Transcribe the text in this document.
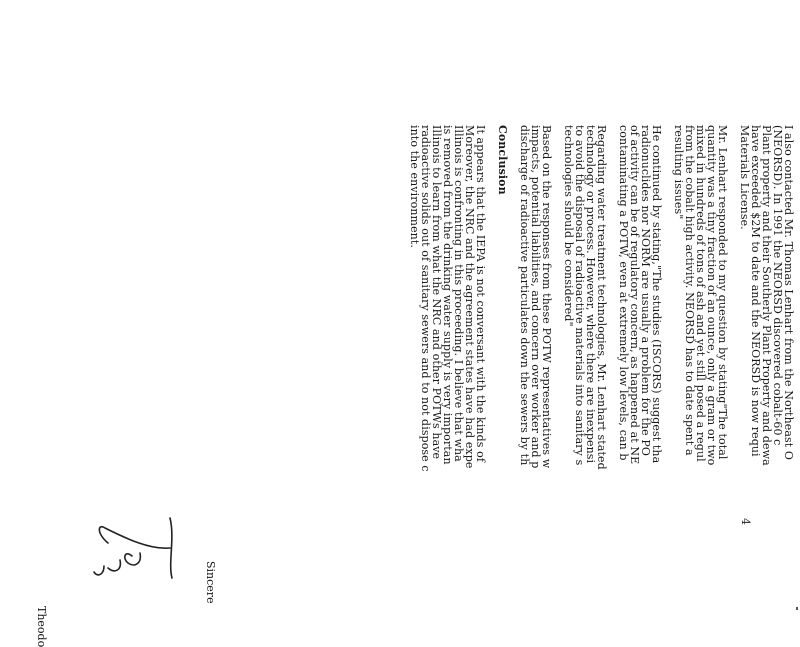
I also contacted Mr. Thomas Lenhart from the Northeast O
(NEORSD). In 1991 the NEORSD discovered cobalt-60 c
Plant property and their Southerly Plant Property and dewa
have exceeded $2M to date and the NEORSD is now requi
Materials License.
Mr. Lenhart responded to my question by stating"The total
quantity was a tiny fraction of an ounce, only a gram or two
mixed in hundreds of tons of ash and yet still posed a regul
from the cobalt high activity. NEORSD has to date spent a
resulting issues"
He continued by stating,"The studies (ISCORS) suggest tha
radionuclides nor NORM are usually a problem for the PO
of activity can be of regulatory concern, as happened at NE
contaminating a POTW, even at extremely low levels, can b
Regarding water treatment technologies, Mr. Lenhart stated
technology or process. However, where there are inexpensi
to avoid the disposal of radioactive materials into sanitary s
technologies should be considered"
Based on the responses from these POTW representatives w
impacts, potential liabilities, and concern over worker and p
discharge of radioactive particulates down the sewers by th
Conclusion
It appears that the IEPA is not conversant with the kinds of
Moreover, the NRC and the agreement states have had expe
Illinois is confronting in this proceeding. I believe that wha
is removed from the drinking water supply is very importan
Illinois to learn from what the NRC and other POTWs have
radioactive solids out of sanitary sewers and to not dispose c
into the environment.
Sincere
Theodo
4
